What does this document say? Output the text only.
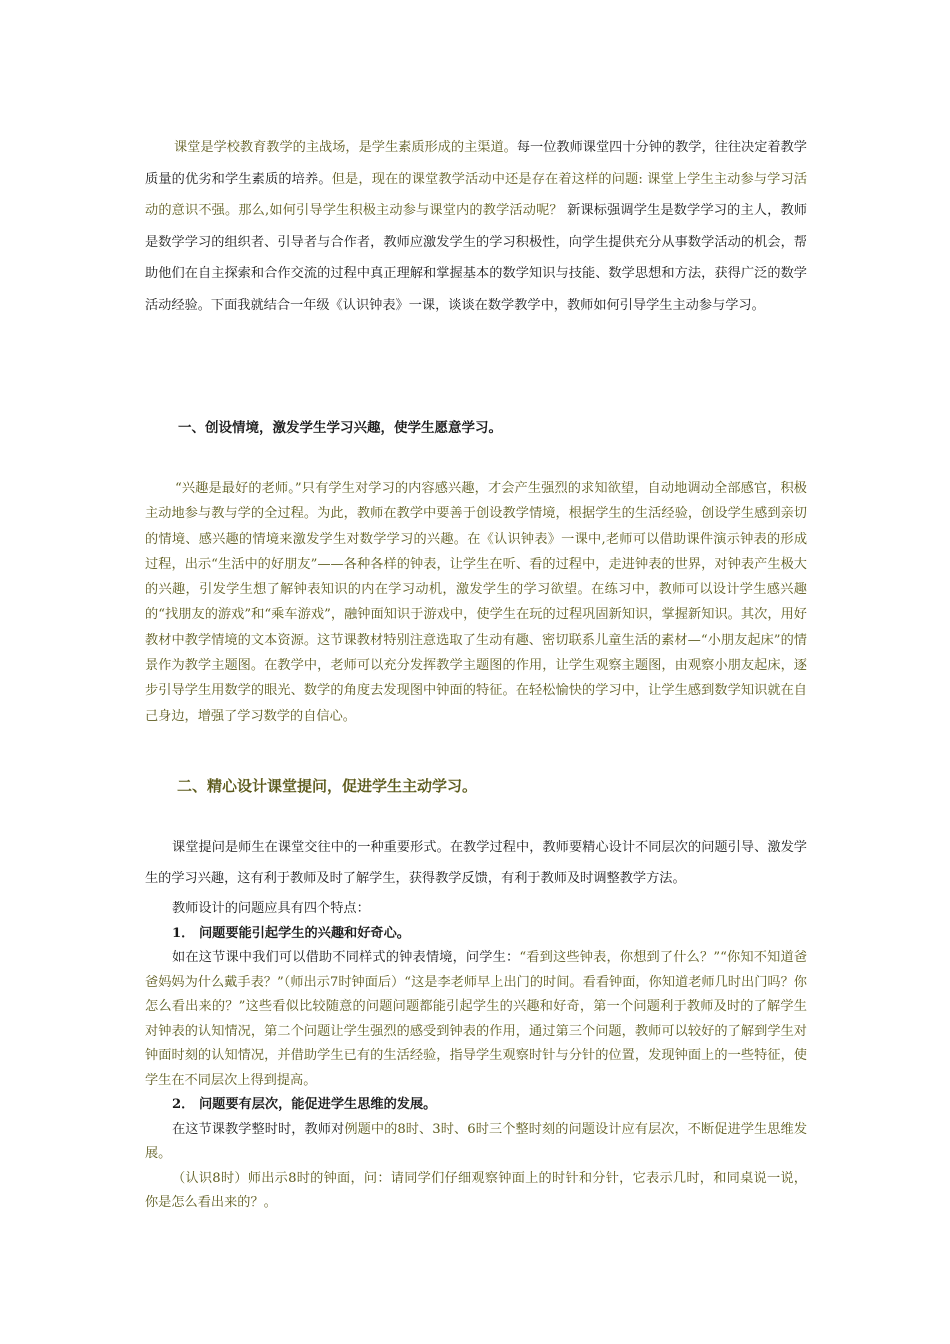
课堂是学校教育教学的主战场，是学生素质形成的主渠道。每一位教师课堂四十分钟的教学，往往决定着教学质量的优劣和学生素质的培养。但是，现在的课堂教学活动中还是存在着这样的问题: 课堂上学生主动参与学习活动的意识不强。那么,如何引导学生积极主动参与课堂内的教学活动呢？ 新课标强调学生是数学学习的主人，教师是数学学习的组织者、引导者与合作者，教师应激发学生的学习积极性，向学生提供充分从事数学活动的机会，帮助他们在自主探索和合作交流的过程中真正理解和掌握基本的数学知识与技能、数学思想和方法，获得广泛的数学活动经验。下面我就结合一年级《认识钟表》一课，谈谈在数学教学中，教师如何引导学生主动参与学习。

一、创设情境，激发学生学习兴趣，使学生愿意学习。

“兴趣是最好的老师。”只有学生对学习的内容感兴趣，才会产生强烈的求知欲望，自动地调动全部感官，积极主动地参与教与学的全过程。为此，教师在教学中要善于创设教学情境，根据学生的生活经验，创设学生感到亲切的情境、感兴趣的情境来激发学生对数学学习的兴趣。在《认识钟表》一课中,老师可以借助课件演示钟表的形成过程，出示“生活中的好朋友”——各种各样的钟表，让学生在听、看的过程中，走进钟表的世界，对钟表产生极大的兴趣，引发学生想了解钟表知识的内在学习动机，激发学生的学习欲望。在练习中，教师可以设计学生感兴趣的“找朋友的游戏”和“乘车游戏”，融钟面知识于游戏中，使学生在玩的过程巩固新知识，掌握新知识。其次，用好教材中教学情境的文本资源。这节课教材特别注意选取了生动有趣、密切联系儿童生活的素材—“小朋友起床”的情景作为教学主题图。在教学中，老师可以充分发挥教学主题图的作用，让学生观察主题图，由观察小朋友起床，逐步引导学生用数学的眼光、数学的角度去发现图中钟面的特征。在轻松愉快的学习中，让学生感到数学知识就在自己身边，增强了学习数学的自信心。

二、精心设计课堂提问，促进学生主动学习。

课堂提问是师生在课堂交往中的一种重要形式。在教学过程中，教师要精心设计不同层次的问题引导、激发学生的学习兴趣，这有利于教师及时了解学生，获得教学反馈，有利于教师及时调整教学方法。

教师设计的问题应具有四个特点：
1． 问题要能引起学生的兴趣和好奇心。
如在这节课中我们可以借助不同样式的钟表情境，问学生：“看到这些钟表，你想到了什么？”“你知不知道爸爸妈妈为什么戴手表？”（师出示7时钟面后）“这是李老师早上出门的时间。看看钟面，你知道老师几时出门吗？你怎么看出来的？”这些看似比较随意的问题问题都能引起学生的兴趣和好奇，第一个问题利于教师及时的了解学生对钟表的认知情况，第二个问题让学生强烈的感受到钟表的作用，通过第三个问题，教师可以较好的了解到学生对钟面时刻的认知情况，并借助学生已有的生活经验，指导学生观察时针与分针的位置，发现钟面上的一些特征，使学生在不同层次上得到提高。
2． 问题要有层次，能促进学生思维的发展。
在这节课教学整时时，教师对例题中的8时、3时、6时三个整时刻的问题设计应有层次，不断促进学生思维发展。
（认识8时）师出示8时的钟面，问：请同学们仔细观察钟面上的时针和分针，它表示几时，和同桌说一说，你是怎么看出来的？。
